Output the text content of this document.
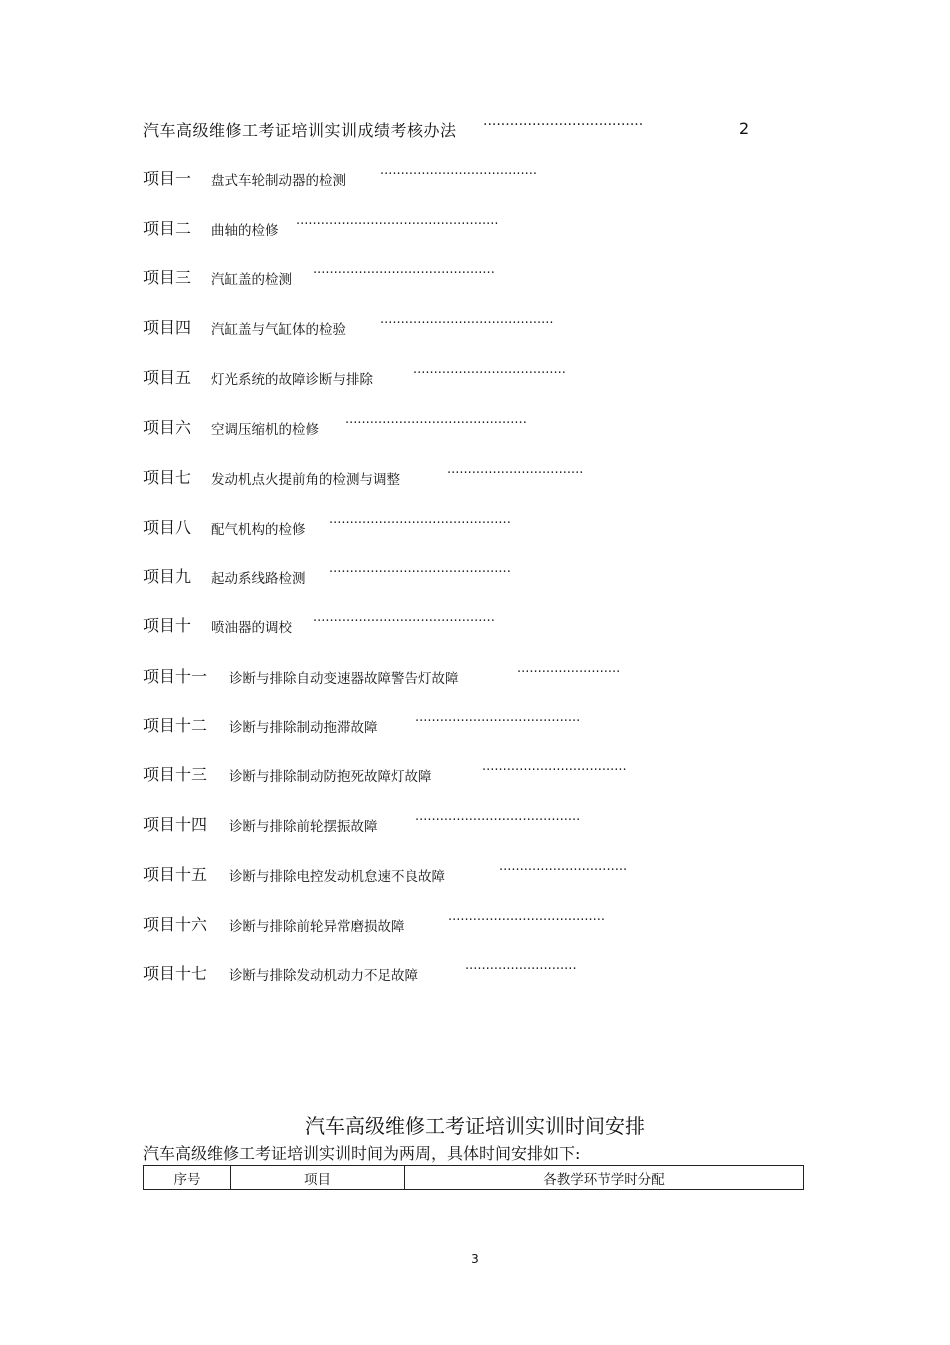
汽车高级维修工考证培训实训成绩考核办法 ····································	2
项目一 盘式车轮制动器的检测	······································
项目二 曲轴的检修 ·················································
项目三 汽缸盖的检测 ············································
项目四 汽缸盖与气缸体的检验	··········································
项目五 灯光系统的故障诊断与排除	·····································
项目六 空调压缩机的检修 ············································
项目七 发动机点火提前角的检测与调整	·································
项目八 配气机构的检修 ············································
项目九 起动系线路检测 ············································
项目十 喷油器的调校 ············································
项目十一 诊断与排除自动变速器故障警告灯故障	·························
项目十二 诊断与排除制动拖滞故障	········································
项目十三 诊断与排除制动防抱死故障灯故障	···································
项目十四 诊断与排除前轮摆振故障	········································
项目十五 诊断与排除电控发动机怠速不良故障	·······························
项目十六 诊断与排除前轮异常磨损故障	······································
项目十七 诊断与排除发动机动力不足故障	···························
汽车高级维修工考证培训实训时间安排
汽车高级维修工考证培训实训时间为两周，具体时间安排如下:
序号	项目	各教学环节学时分配
3
